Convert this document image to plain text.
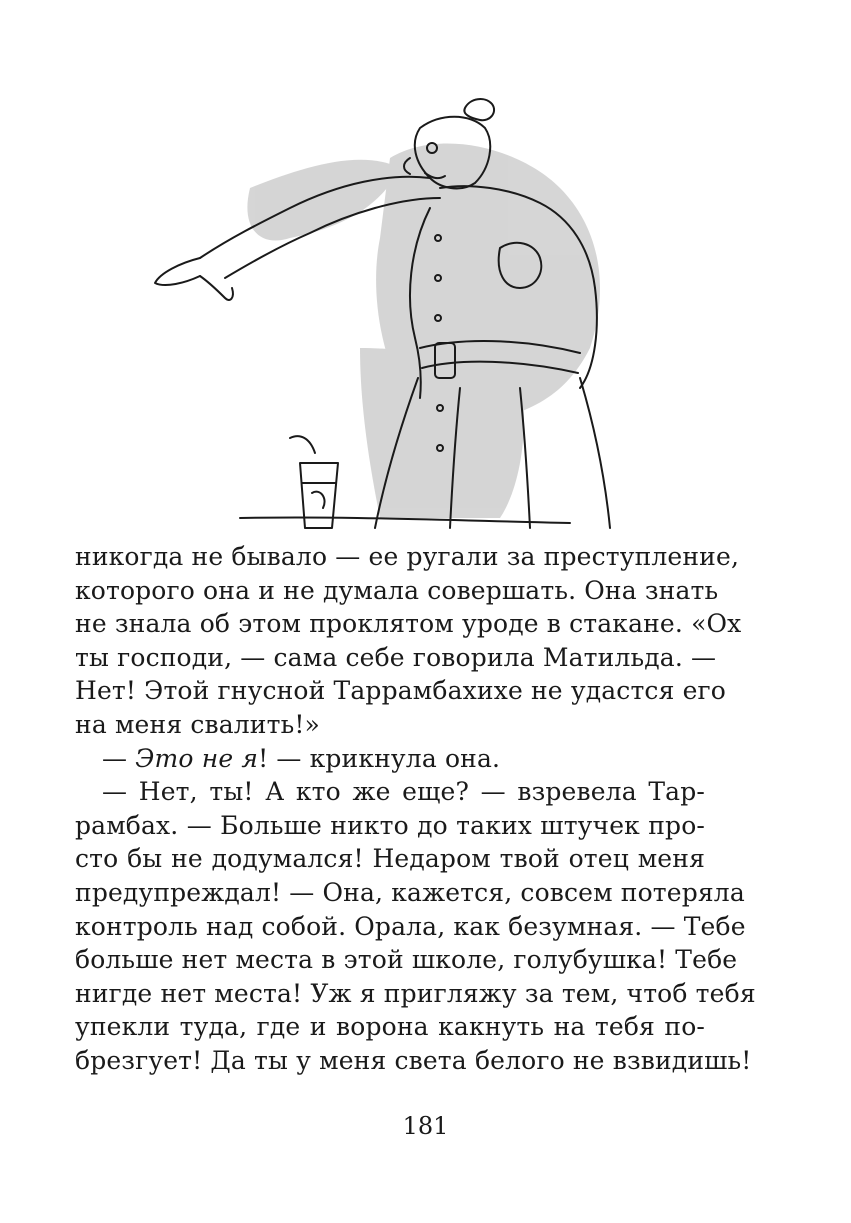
никогда не бывало — ее ругали за преступление,
которого она и не думала совершать. Она знать
не знала об этом проклятом уроде в стакане. «Ох
ты господи, — сама себе говорила Матильда. —
Нет! Этой гнусной Таррамбахихе не удастся его
на меня свалить!»
— Это не я! — крикнула она.
— Нет, ты! А кто же еще? — взревела Тар-
рамбах. — Больше никто до таких штучек про-
сто бы не додумался! Недаром твой отец меня
предупреждал! — Она, кажется, совсем потеряла
контроль над собой. Орала, как безумная. — Тебе
больше нет места в этой школе, голубушка! Тебе
нигде нет места! Уж я пригляжу за тем, чтоб тебя
упекли туда, где и ворона какнуть на тебя по-
брезгует! Да ты у меня света белого не взвидишь!
181
